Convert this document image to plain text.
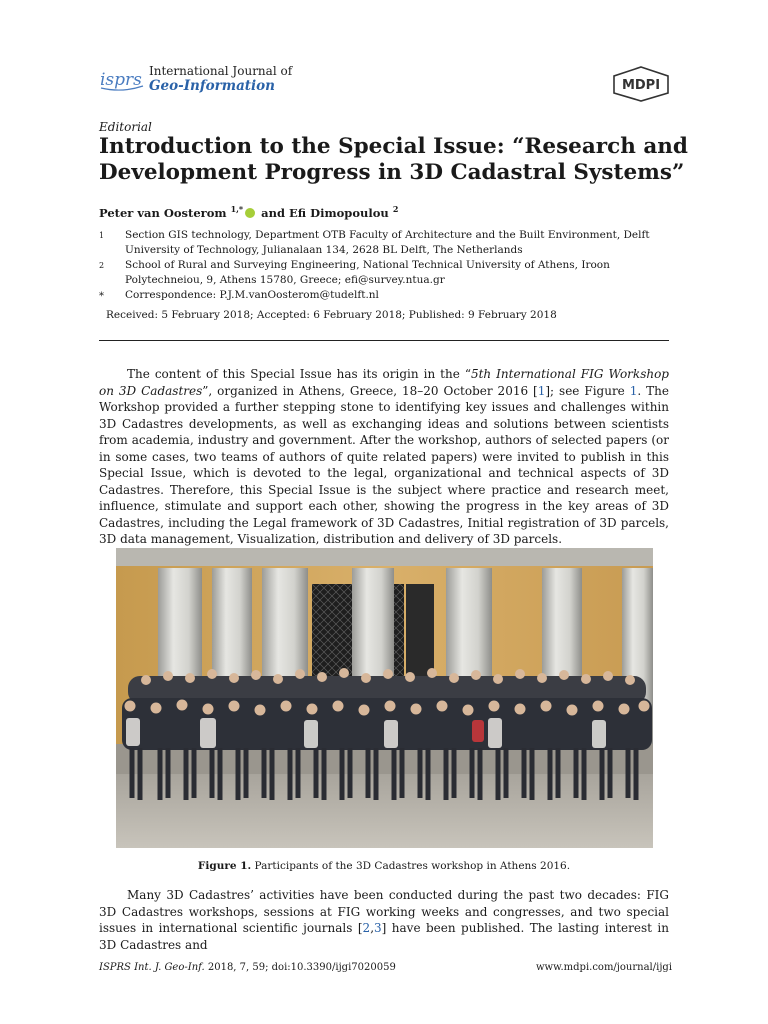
isprs International Journal of
Geo-Information	MDPI
Editorial
Introduction to the Special Issue: “Research and Development Progress in 3D Cadastral Systems”
Peter van Oosterom $^{1,*}$ and Efi Dimopoulou $^2$
1 Section GIS technology, Department OTB Faculty of Architecture and the Built Environment, Delft University of Technology, Julianalaan 134, 2628 BL Delft, The Netherlands
2 School of Rural and Surveying Engineering, National Technical University of Athens, Iroon Polytechneiou, 9, Athens 15780, Greece; efi@survey.ntua.gr
* Correspondence: P.J.M.vanOosterom@tudelft.nl
Received: 5 February 2018; Accepted: 6 February 2018; Published: 9 February 2018

The content of this Special Issue has its origin in the “5th International FIG Workshop on 3D Cadastres”, organized in Athens, Greece, 18–20 October 2016 [1]; see Figure 1. The Workshop provided a further stepping stone to identifying key issues and challenges within 3D Cadastres developments, as well as exchanging ideas and solutions between scientists from academia, industry and government. After the workshop, authors of selected papers (or in some cases, two teams of authors of quite related papers) were invited to publish in this Special Issue, which is devoted to the legal, organizational and technical aspects of 3D Cadastres. Therefore, this Special Issue is the subject where practice and research meet, influence, stimulate and support each other, showing the progress in the key areas of 3D Cadastres, including the Legal framework of 3D Cadastres, Initial registration of 3D parcels, 3D data management, Visualization, distribution and delivery of 3D parcels.

Figure 1. Participants of the 3D Cadastres workshop in Athens 2016.

Many 3D Cadastres’ activities have been conducted during the past two decades: FIG 3D Cadastres workshops, sessions at FIG working weeks and congresses, and two special issues in international scientific journals [2,3] have been published. The lasting interest in 3D Cadastres and

ISPRS Int. J. Geo-Inf. 2018, 7, 59; doi:10.3390/ijgi7020059	www.mdpi.com/journal/ijgi
